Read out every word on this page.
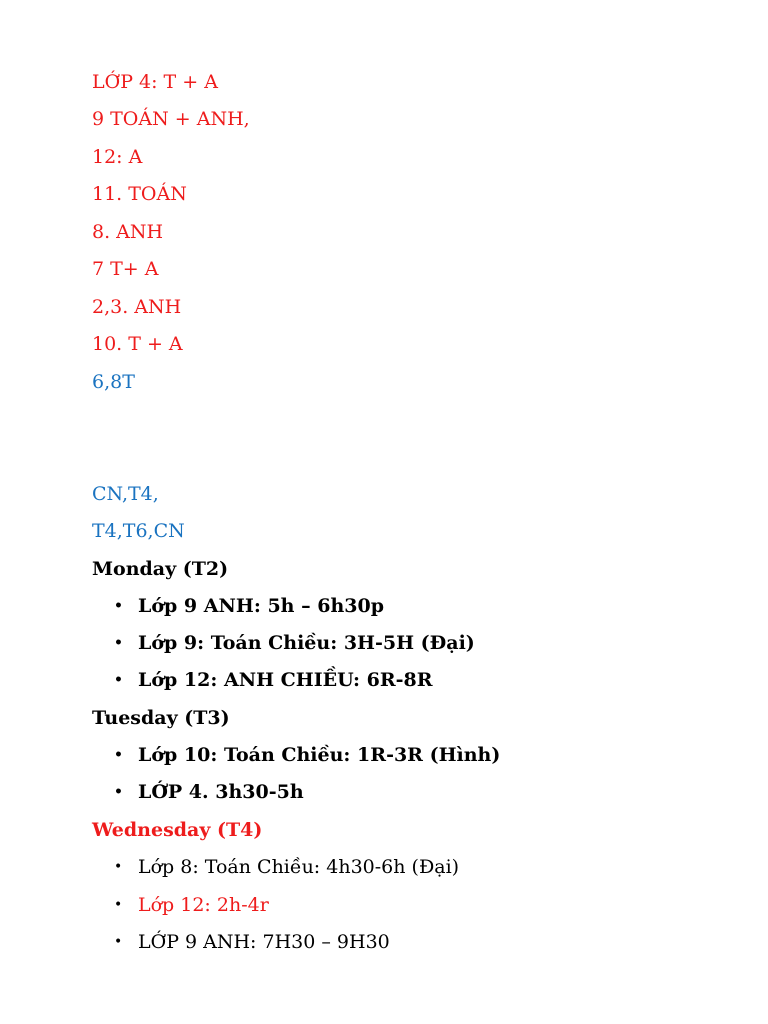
LỚP 4: T + A
9 TOÁN + ANH,
12: A
11. TOÁN
8. ANH
7 T+ A
2,3. ANH
10. T + A
6,8T
CN,T4,
T4,T6,CN
Monday (T2)
• Lớp 9 ANH: 5h – 6h30p
• Lớp 9: Toán Chiều: 3H-5H (Đại)
• Lớp 12: ANH CHIỀU: 6R-8R
Tuesday (T3)
• Lớp 10: Toán Chiều: 1R-3R (Hình)
• LỚP 4. 3h30-5h
Wednesday (T4)
• Lớp 8: Toán Chiều: 4h30-6h (Đại)
• Lớp 12: 2h-4r
• LỚP 9 ANH: 7H30 – 9H30
